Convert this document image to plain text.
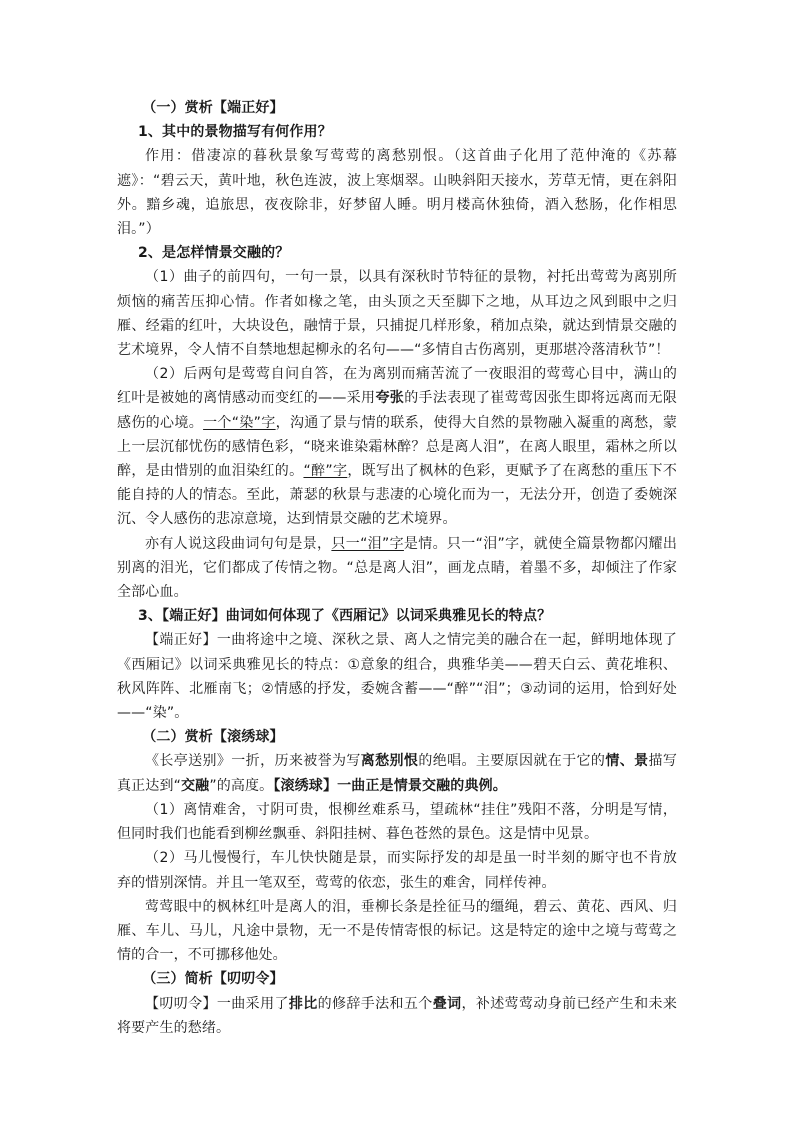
（一）赏析【端正好】

1、其中的景物描写有何作用？

作用：借凄凉的暮秋景象写莺莺的离愁别恨。（这首曲子化用了范仲淹的《苏幕遮》：“碧云天，黄叶地，秋色连波，波上寒烟翠。山映斜阳天接水，芳草无情，更在斜阳外。黯乡魂，追旅思，夜夜除非，好梦留人睡。明月楼高休独倚，酒入愁肠，化作相思泪。”）

2、是怎样情景交融的？

（1）曲子的前四句，一句一景，以具有深秋时节特征的景物，衬托出莺莺为离别所烦恼的痛苦压抑心情。作者如椽之笔，由头顶之天至脚下之地，从耳边之风到眼中之归雁、经霜的红叶，大块设色，融情于景，只捕捉几样形象，稍加点染，就达到情景交融的艺术境界，令人情不自禁地想起柳永的名句——“多情自古伤离别，更那堪冷落清秋节”！

（2）后两句是莺莺自问自答，在为离别而痛苦流了一夜眼泪的莺莺心目中，满山的红叶是被她的离情感动而变红的——采用夸张的手法表现了崔莺莺因张生即将远离而无限感伤的心境。一个“染”字，沟通了景与情的联系，使得大自然的景物融入凝重的离愁，蒙上一层沉郁忧伤的感情色彩，“晓来谁染霜林醉？总是离人泪”，在离人眼里，霜林之所以醉，是由惜别的血泪染红的。“醉”字，既写出了枫林的色彩，更赋予了在离愁的重压下不能自持的人的情态。至此，萧瑟的秋景与悲凄的心境化而为一，无法分开，创造了委婉深沉、令人感伤的悲凉意境，达到情景交融的艺术境界。

亦有人说这段曲词句句是景，只一“泪”字是情。只一“泪”字，就使全篇景物都闪耀出别离的泪光，它们都成了传情之物。“总是离人泪”，画龙点睛，着墨不多，却倾注了作家全部心血。

3、【端正好】曲词如何体现了《西厢记》以词采典雅见长的特点？

【端正好】一曲将途中之境、深秋之景、离人之情完美的融合在一起，鲜明地体现了《西厢记》以词采典雅见长的特点：①意象的组合，典雅华美——碧天白云、黄花堆积、秋风阵阵、北雁南飞；②情感的抒发，委婉含蓄——“醉”“泪”；③动词的运用，恰到好处——“染”。

（二）赏析【滚绣球】

《长亭送别》一折，历来被誉为写离愁别恨的绝唱。主要原因就在于它的情、景描写真正达到“交融”的高度。【滚绣球】一曲正是情景交融的典例。

（1）离情难舍，寸阴可贵，恨柳丝难系马，望疏林“挂住”残阳不落，分明是写情，但同时我们也能看到柳丝飘垂、斜阳挂树、暮色苍然的景色。这是情中见景。

（2）马儿慢慢行，车儿快快随是景，而实际抒发的却是虽一时半刻的厮守也不肯放弃的惜别深情。并且一笔双至，莺莺的依恋，张生的难舍，同样传神。

莺莺眼中的枫林红叶是离人的泪，垂柳长条是拴征马的缰绳，碧云、黄花、西风、归雁、车儿、马儿，凡途中景物，无一不是传情寄恨的标记。这是特定的途中之境与莺莺之情的合一，不可挪移他处。

（三）简析【叨叨令】

【叨叨令】一曲采用了排比的修辞手法和五个叠词，补述莺莺动身前已经产生和未来将要产生的愁绪。
